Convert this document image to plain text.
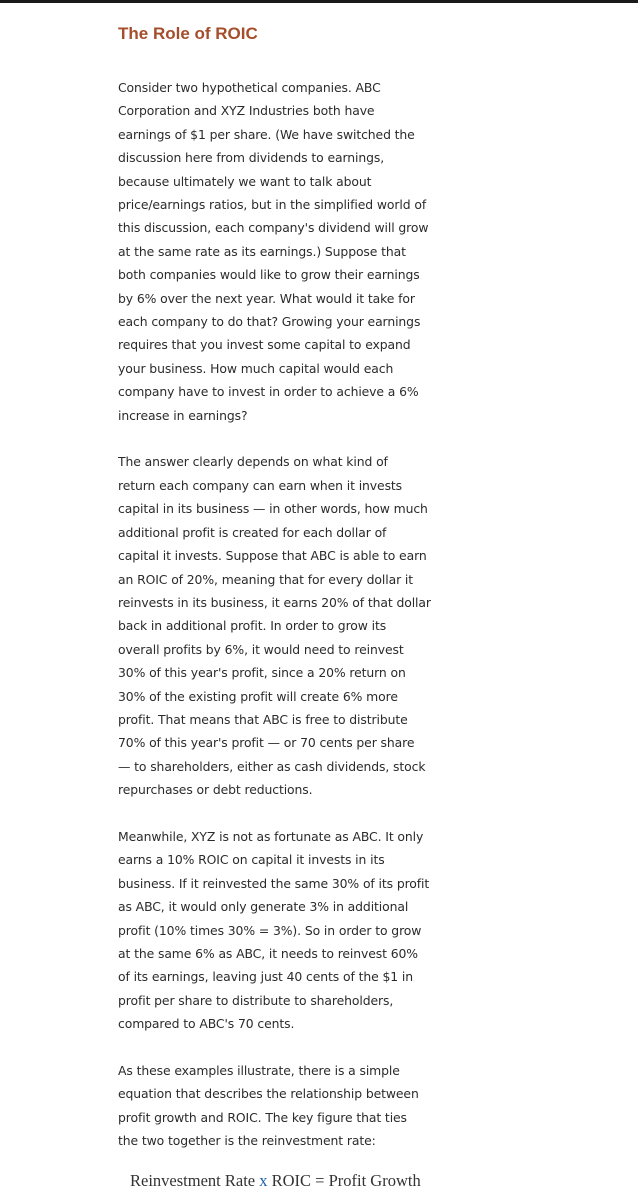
The Role of ROIC

Consider two hypothetical companies. ABC
Corporation and XYZ Industries both have
earnings of $1 per share. (We have switched the
discussion here from dividends to earnings,
because ultimately we want to talk about
price/earnings ratios, but in the simplified world of
this discussion, each company's dividend will grow
at the same rate as its earnings.) Suppose that
both companies would like to grow their earnings
by 6% over the next year. What would it take for
each company to do that? Growing your earnings
requires that you invest some capital to expand
your business. How much capital would each
company have to invest in order to achieve a 6%
increase in earnings?

The answer clearly depends on what kind of
return each company can earn when it invests
capital in its business — in other words, how much
additional profit is created for each dollar of
capital it invests. Suppose that ABC is able to earn
an ROIC of 20%, meaning that for every dollar it
reinvests in its business, it earns 20% of that dollar
back in additional profit. In order to grow its
overall profits by 6%, it would need to reinvest
30% of this year's profit, since a 20% return on
30% of the existing profit will create 6% more
profit. That means that ABC is free to distribute
70% of this year's profit — or 70 cents per share
— to shareholders, either as cash dividends, stock
repurchases or debt reductions.

Meanwhile, XYZ is not as fortunate as ABC. It only
earns a 10% ROIC on capital it invests in its
business. If it reinvested the same 30% of its profit
as ABC, it would only generate 3% in additional
profit (10% times 30% = 3%). So in order to grow
at the same 6% as ABC, it needs to reinvest 60%
of its earnings, leaving just 40 cents of the $1 in
profit per share to distribute to shareholders,
compared to ABC's 70 cents.

As these examples illustrate, there is a simple
equation that describes the relationship between
profit growth and ROIC. The key figure that ties
the two together is the reinvestment rate:

Reinvestment Rate x ROIC = Profit Growth
